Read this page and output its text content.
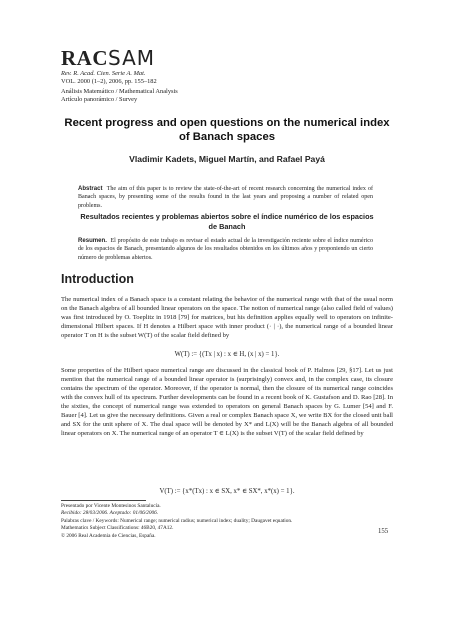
RACSAM
Rev. R. Acad. Cien. Serie A. Mat.
VOL. 2000 (1–2), 2006, pp. 155–182
Análisis Matemático / Mathematical Analysis
Artículo panorámico / Survey
Recent progress and open questions on the numerical index of Banach spaces
Vladimir Kadets, Miguel Martín, and Rafael Payá
Abstract The aim of this paper is to review the state-of-the-art of recent research concerning the numerical index of Banach spaces, by presenting some of the results found in the last years and proposing a number of related open problems.
Resultados recientes y problemas abiertos sobre el índice numérico de los espacios de Banach
Resumen. El propósito de este trabajo es revisar el estado actual de la investigación reciente sobre el índice numérico de los espacios de Banach, presentando algunos de los resultados obtenidos en los últimos años y proponiendo un cierto número de problemas abiertos.
Introduction

The numerical index of a Banach space is a constant relating the behavior of the numerical range with that of the usual norm on the Banach algebra of all bounded linear operators on the space. The notion of numerical range (also called field of values) was first introduced by O. Toeplitz in 1918 [79] for matrices, but his definition applies equally well to operators on infinite-dimensional Hilbert spaces. If H denotes a Hilbert space with inner product (· | ·), the numerical range of a bounded linear operator T on H is the subset W(T) of the scalar field defined by

W(T) := {(Tx | x) : x ∈ H, (x | x) = 1}.

Some properties of the Hilbert space numerical range are discussed in the classical book of P. Halmos [29, §17]. Let us just mention that the numerical range of a bounded linear operator is (surprisingly) convex and, in the complex case, its closure contains the spectrum of the operator. Moreover, if the operator is normal, then the closure of its numerical range coincides with the convex hull of its spectrum. Further developments can be found in a recent book of K. Gustafson and D. Rao [28]. In the sixties, the concept of numerical range was extended to operators on general Banach spaces by G. Lumer [54] and F. Bauer [4]. Let us give the necessary definitions. Given a real or complex Banach space X, we write BX for the closed unit ball and SX for the unit sphere of X. The dual space will be denoted by X* and L(X) will be the Banach algebra of all bounded linear operators on X. The numerical range of an operator T ∈ L(X) is the subset V(T) of the scalar field defined by

V(T) := {x*(Tx) : x ∈ SX, x* ∈ SX*, x*(x) = 1}.
Presentado por Vicente Montesinos Santalucía.
Recibido: 28/03/2006. Aceptado: 01/06/2006.
Palabras clave / Keywords: Numerical range; numerical radius; numerical index; duality; Daugavet equation.
Mathematics Subject Classifications: 46B20, 47A12.
© 2006 Real Academia de Ciencias, España.
155
